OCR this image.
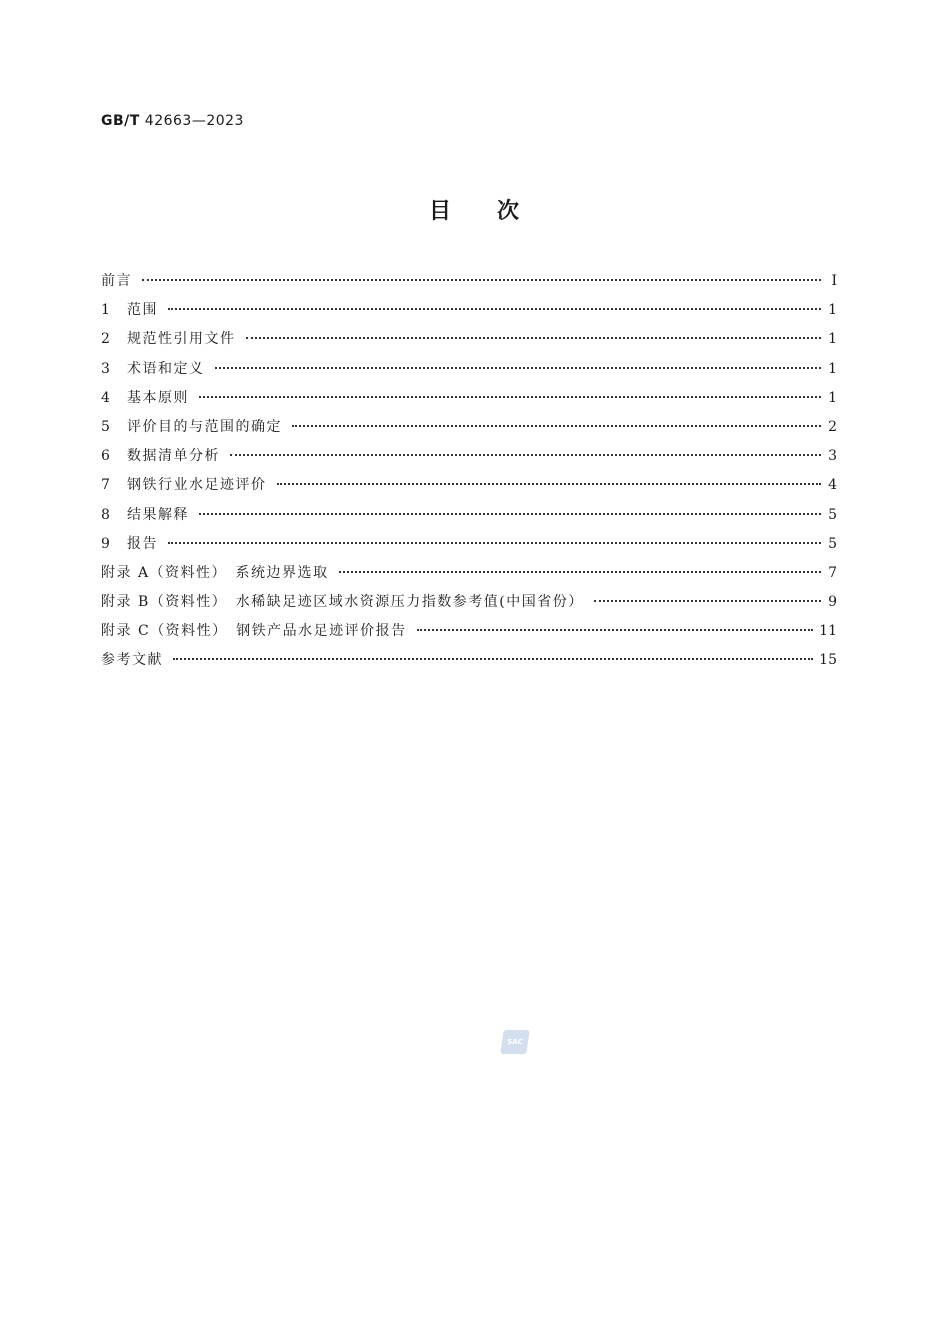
GB/T 42663—2023
目 次
前言	Ⅰ
1	范围	1
2	规范性引用文件	1
3	术语和定义	1
4	基本原则	1
5	评价目的与范围的确定	2
6	数据清单分析	3
7	钢铁行业水足迹评价	4
8	结果解释	5
9	报告	5
附录 A（资料性）　系统边界选取	7
附录 B（资料性）　水稀缺足迹区域水资源压力指数参考值(中国省份）	9
附录 C（资料性）　钢铁产品水足迹评价报告	11
参考文献	15
SAC
